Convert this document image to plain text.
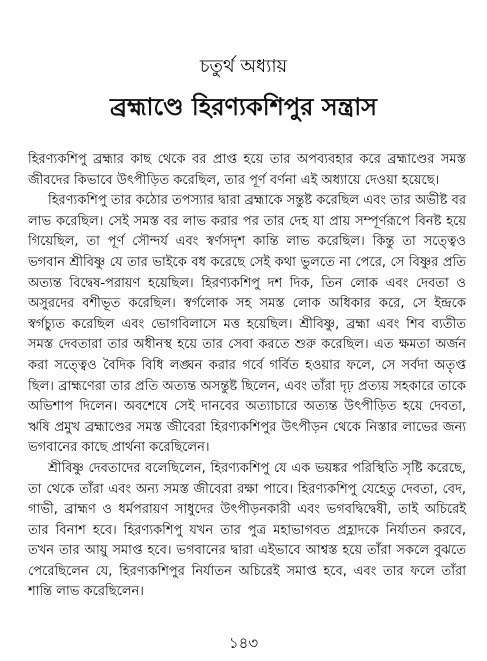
চতুর্থ অধ্যায়
ব্রহ্মাণ্ডে হিরণ্যকশিপুর সন্ত্রাস

হিরণ্যকশিপু ব্রহ্মার কাছ থেকে বর প্রাপ্ত হয়ে তার অপব্যবহার করে ব্রহ্মাণ্ডের সমস্ত জীবদের কিভাবে উৎপীড়িত করেছিল, তার পূর্ণ বর্ণনা এই অধ্যায়ে দেওয়া হয়েছে।

হিরণ্যকশিপু তার কঠোর তপস্যার দ্বারা ব্রহ্মাকে সন্তুষ্ট করেছিল এবং তার অভীষ্ট বর লাভ করেছিল। সেই সমস্ত বর লাভ করার পর তার দেহ যা প্রায় সম্পূর্ণরূপে বিনষ্ট হয়ে গিয়েছিল, তা পূর্ণ সৌন্দর্য এবং স্বর্ণসদৃশ কান্তি লাভ করেছিল। কিন্তু তা সত্ত্বেও ভগবান শ্রীবিষ্ণু যে তার ভাইকে বধ করেছে সেই কথা ভুলতে না পেরে, সে বিষ্ণুর প্রতি অত্যন্ত বিদ্বেষ-পরায়ণ হয়েছিল। হিরণ্যকশিপু দশ দিক, তিন লোক এবং দেবতা ও অসুরদের বশীভূত করেছিল। স্বর্গলোক সহ সমস্ত লোক অধিকার করে, সে ইন্দ্রকে স্বর্গচ্যুত করেছিল এবং ভোগবিলাসে মত্ত হয়েছিল। শ্রীবিষ্ণু, ব্রহ্মা এবং শিব ব্যতীত সমস্ত দেবতারা তার অধীনস্থ হয়ে তার সেবা করতে শুরু করেছিল। এত ক্ষমতা অর্জন করা সত্ত্বেও বৈদিক বিধি লঙ্ঘন করার গর্বে গর্বিত হওয়ার ফলে, সে সর্বদা অতৃপ্ত ছিল। ব্রাহ্মণেরা তার প্রতি অত্যন্ত অসন্তুষ্ট ছিলেন, এবং তাঁরা দৃঢ় প্রত্যয় সহকারে তাকে অভিশাপ দিলেন। অবশেষে সেই দানবের অত্যাচারে অত্যন্ত উৎপীড়িত হয়ে দেবতা, ঋষি প্রমুখ ব্রহ্মাণ্ডের সমস্ত জীবেরা হিরণ্যকশিপুর উৎপীড়ন থেকে নিস্তার লাভের জন্য ভগবানের কাছে প্রার্থনা করেছিলেন।

শ্রীবিষ্ণু দেবতাদের বলেছিলেন, হিরণ্যকশিপু যে এক ভয়ঙ্কর পরিস্থিতি সৃষ্টি করেছে, তা থেকে তাঁরা এবং অন্য সমস্ত জীবেরা রক্ষা পাবে। হিরণ্যকশিপু যেহেতু দেবতা, বেদ, গাভী, ব্রাহ্মণ ও ধর্মপরায়ণ সাধুদের উৎপীড়নকারী এবং ভগবদ্বিদ্বেষী, তাই অচিরেই তার বিনাশ হবে। হিরণ্যকশিপু যখন তার পুত্র মহাভাগবত প্রহ্লাদকে নির্যাতন করবে, তখন তার আয়ু সমাপ্ত হবে। ভগবানের দ্বারা এইভাবে আশ্বস্ত হয়ে তাঁরা সকলে বুঝতে পেরেছিলেন যে, হিরণ্যকশিপুর নির্যাতন অচিরেই সমাপ্ত হবে, এবং তার ফলে তাঁরা শান্তি লাভ করেছিলেন।

১৪৩
